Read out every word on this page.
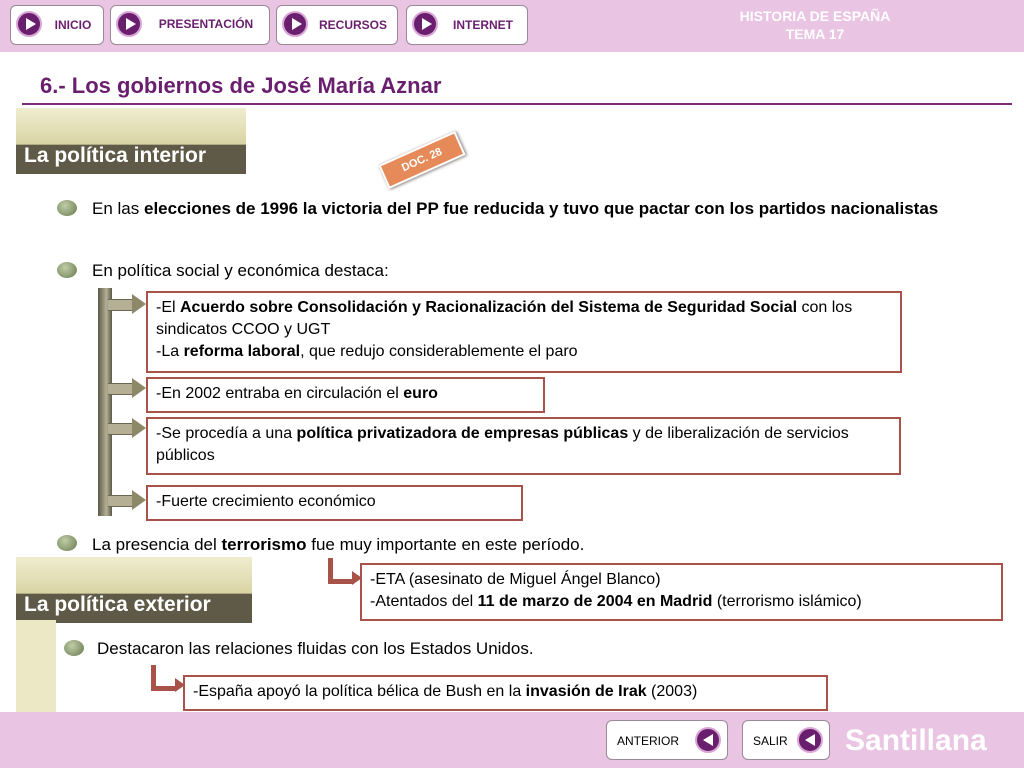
INICIO	PRESENTACIÓN	RECURSOS	INTERNET
HISTORIA DE ESPAÑA
TEMA 17
6.- Los gobiernos de José María Aznar
La política interior	DOC. 28
En las elecciones de 1996 la victoria del PP fue reducida y tuvo que pactar con los partidos nacionalistas
En política social y económica destaca:
-El Acuerdo sobre Consolidación y Racionalización del Sistema de Seguridad Social con los sindicatos CCOO y UGT
-La reforma laboral, que redujo considerablemente el paro
-En 2002 entraba en circulación el euro
-Se procedía a una política privatizadora de empresas públicas y de liberalización de servicios públicos
-Fuerte crecimiento económico
La presencia del terrorismo fue muy importante en este período.
-ETA (asesinato de Miguel Ángel Blanco)
-Atentados del 11 de marzo de 2004 en Madrid (terrorismo islámico)
La política exterior
Destacaron las relaciones fluidas con los Estados Unidos.
-España apoyó la política bélica de Bush en la invasión de Irak (2003)
ANTERIOR	SALIR Santillana
